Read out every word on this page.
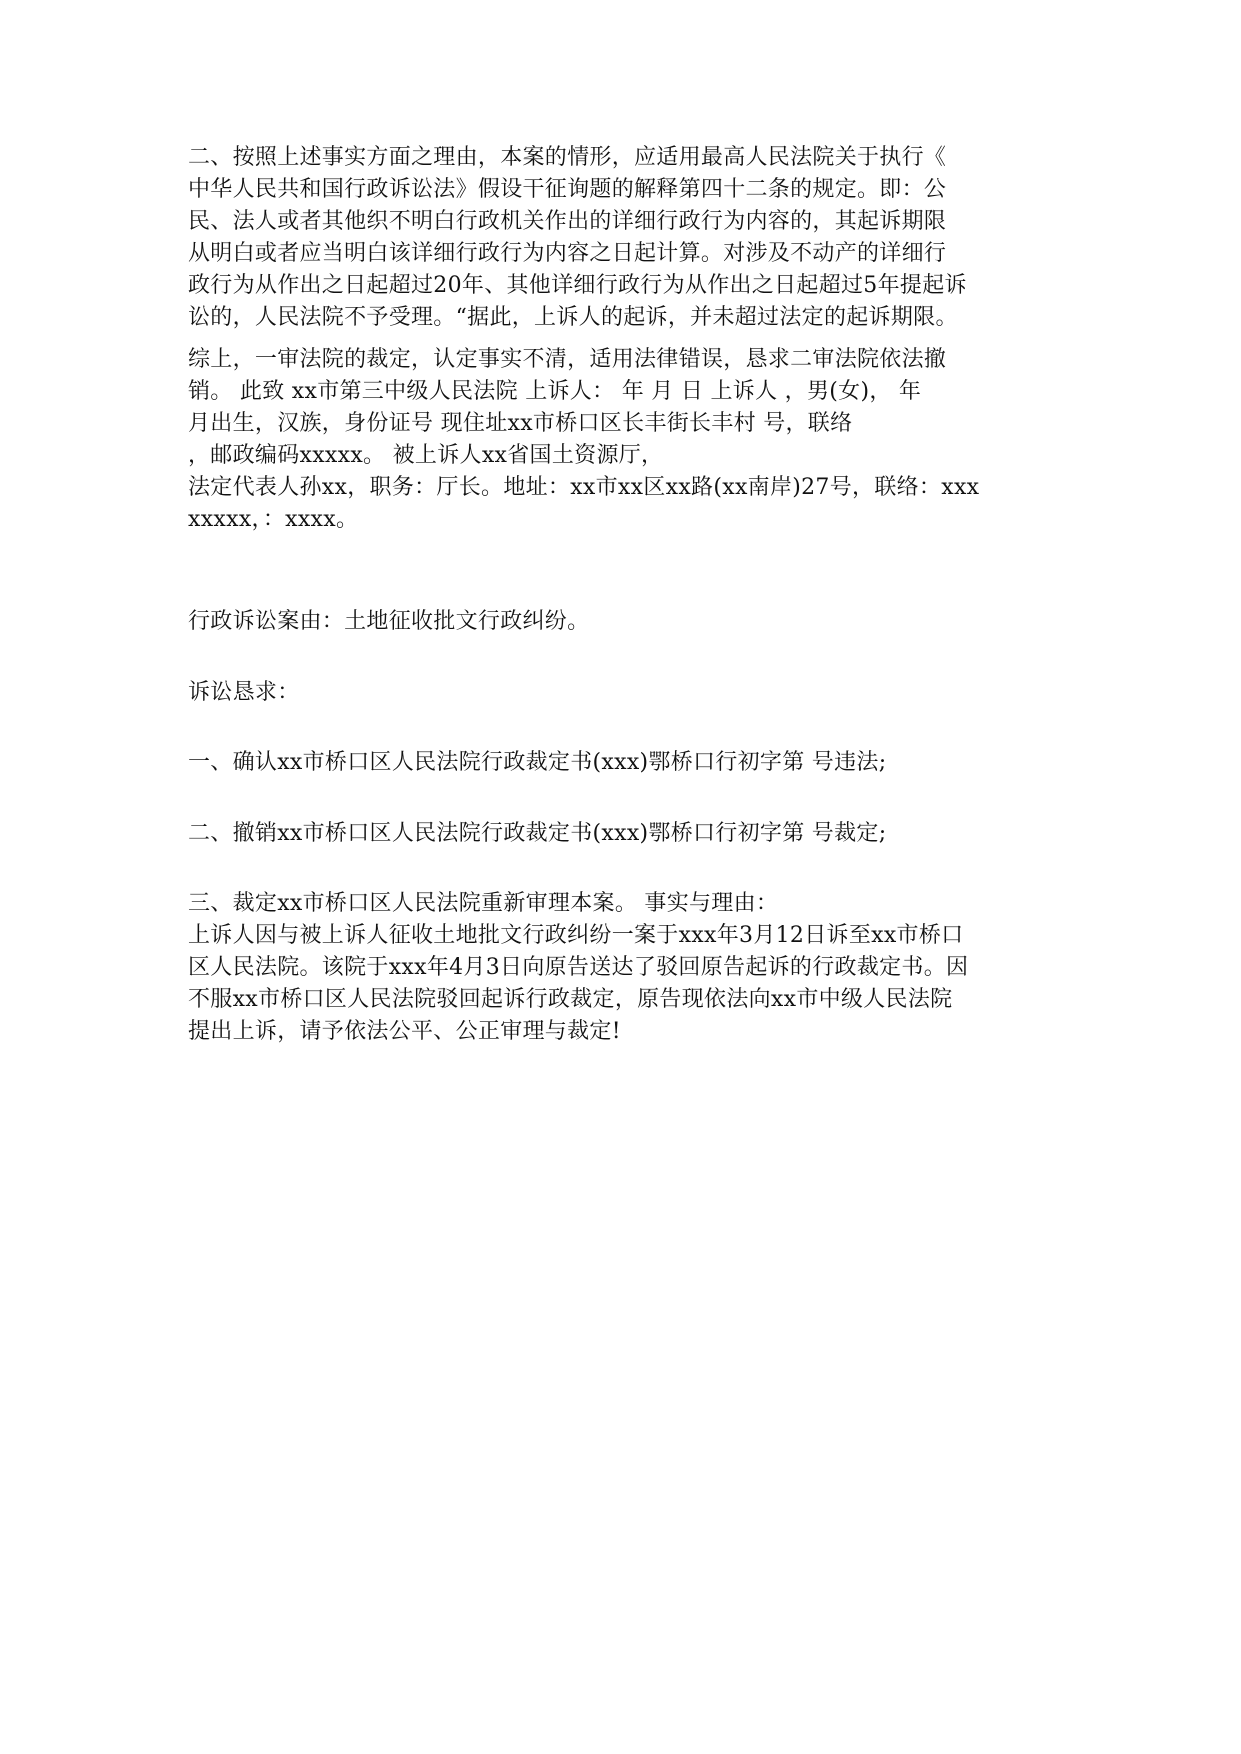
二、按照上述事实方面之理由，本案的情形，应适用最高人民法院关于执行《
中华人民共和国行政诉讼法》假设干征询题的解释第四十二条的规定。即：公
民、法人或者其他织不明白行政机关作出的详细行政行为内容的，其起诉期限
从明白或者应当明白该详细行政行为内容之日起计算。对涉及不动产的详细行
政行为从作出之日起超过20年、其他详细行政行为从作出之日起超过5年提起诉
讼的，人民法院不予受理。“据此，上诉人的起诉，并未超过法定的起诉期限。
综上，一审法院的裁定，认定事实不清，适用法律错误，恳求二审法院依法撤
销。 此致 xx市第三中级人民法院 上诉人： 年 月 日 上诉人 ，男(女)， 年
月出生，汉族，身份证号 现住址xx市桥口区长丰街长丰村 号，联络
，邮政编码xxxxx。 被上诉人xx省国土资源厅，
法定代表人孙xx，职务：厅长。地址：xx市xx区xx路(xx南岸)27号，联络：xxx
xxxxx，：xxxx。
行政诉讼案由：土地征收批文行政纠纷。
诉讼恳求：
一、确认xx市桥口区人民法院行政裁定书(xxx)鄂桥口行初字第 号违法;
二、撤销xx市桥口区人民法院行政裁定书(xxx)鄂桥口行初字第 号裁定;
三、裁定xx市桥口区人民法院重新审理本案。 事实与理由：
上诉人因与被上诉人征收土地批文行政纠纷一案于xxx年3月12日诉至xx市桥口
区人民法院。该院于xxx年4月3日向原告送达了驳回原告起诉的行政裁定书。因
不服xx市桥口区人民法院驳回起诉行政裁定，原告现依法向xx市中级人民法院
提出上诉，请予依法公平、公正审理与裁定!
